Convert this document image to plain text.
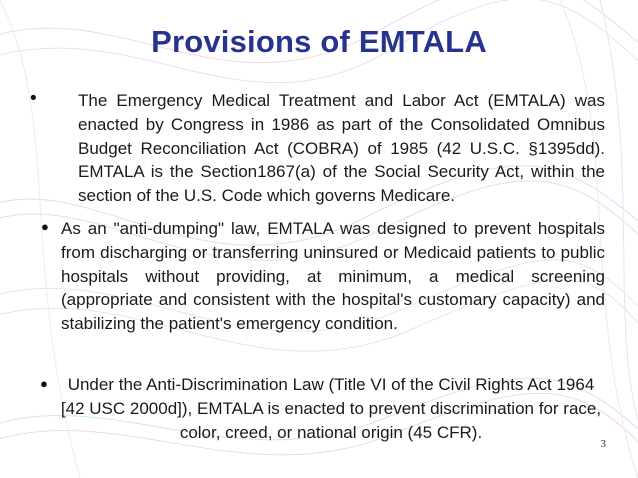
Provisions of EMTALA
• The Emergency Medical Treatment and Labor Act (EMTALA) was enacted by Congress in 1986 as part of the Consolidated Omnibus Budget Reconciliation Act (COBRA) of 1985 (42 U.S.C. §1395dd). EMTALA is the Section1867(a) of the Social Security Act, within the section of the U.S. Code which governs Medicare.
● As an "anti-dumping" law, EMTALA was designed to prevent hospitals from discharging or transferring uninsured or Medicaid patients to public hospitals without providing, at minimum, a medical screening (appropriate and consistent with the hospital's customary capacity) and stabilizing the patient's emergency condition.
●	Under the Anti-Discrimination Law (Title VI of the Civil Rights Act 1964 [42 USC 2000d]), EMTALA is enacted to prevent discrimination for race, color, creed, or national origin (45 CFR).
3
